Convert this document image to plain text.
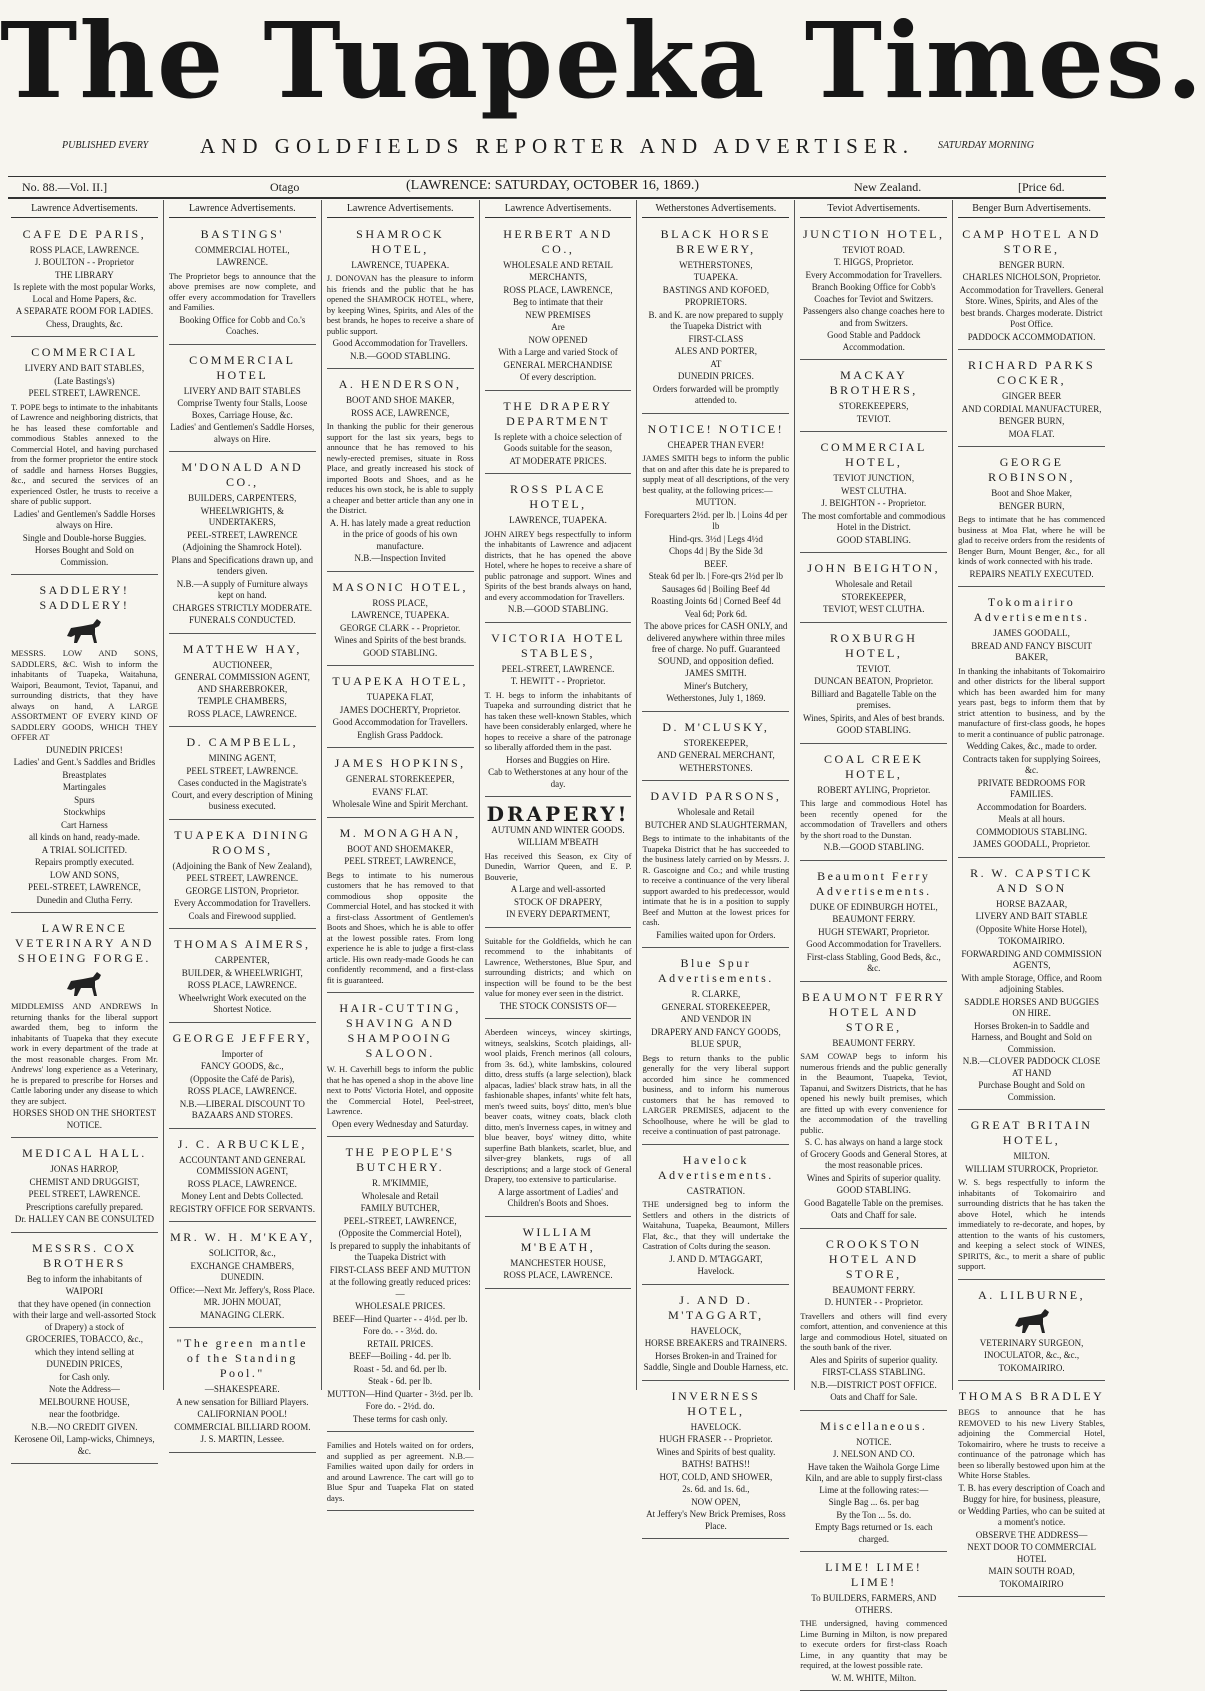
The Tuapeka Times.
PUBLISHED EVERY	AND GOLDFIELDS REPORTER AND ADVERTISER.	SATURDAY MORNING
No. 88.—Vol. II.]	Otago	(LAWRENCE: SATURDAY, OCTOBER 16, 1869.)	New Zealand.	[Price 6d.
Lawrence Advertisements.
CAFE DE PARIS,
ROSS PLACE, LAWRENCE.
J. BOULTON - - Proprietor
THE LIBRARY
Is replete with the most popular Works, Local and Home Papers, &c.
A SEPARATE ROOM FOR LADIES.
Chess, Draughts, &c.
COMMERCIAL
LIVERY AND BAIT STABLES,
(Late Bastings's)
PEEL STREET, LAWRENCE.
T. POPE begs to intimate to the inhabitants of Lawrence and neighboring districts, that he has leased these comfortable and commodious Stables annexed to the Commercial Hotel, and having purchased from the former proprietor the entire stock of saddle and harness Horses Buggies, &c., and secured the services of an experienced Ostler, he trusts to receive a share of public support.
Ladies' and Gentlemen's Saddle Horses always on Hire.
Single and Double-horse Buggies.
Horses Bought and Sold on Commission.
SADDLERY! SADDLERY!
MESSRS. LOW AND SONS, SADDLERS, &C. Wish to inform the inhabitants of Tuapeka, Waitahuna, Waipori, Beaumont, Teviot, Tapanui, and surrounding districts, that they have always on hand, A LARGE ASSORTMENT OF EVERY KIND OF SADDLERY GOODS, WHICH THEY OFFER AT
DUNEDIN PRICES!
Ladies' and Gent.'s Saddles and Bridles
Breastplates
Martingales
Spurs
Stockwhips
Cart Harness
all kinds on hand, ready-made.
A TRIAL SOLICITED.
Repairs promptly executed.
LOW AND SONS,
PEEL-STREET, LAWRENCE,
Dunedin and Clutha Ferry.
LAWRENCE VETERINARY AND SHOEING FORGE.
MIDDLEMISS AND ANDREWS In returning thanks for the liberal support awarded them, beg to inform the inhabitants of Tuapeka that they execute work in every department of the trade at the most reasonable charges. From Mr. Andrews' long experience as a Veterinary, he is prepared to prescribe for Horses and Cattle laboring under any disease to which they are subject.
HORSES SHOD ON THE SHORTEST NOTICE.
MEDICAL HALL.
JONAS HARROP,
CHEMIST AND DRUGGIST,
PEEL STREET, LAWRENCE.
Prescriptions carefully prepared.
Dr. HALLEY CAN BE CONSULTED
MESSRS. COX BROTHERS
Beg to inform the inhabitants of
WAIPORI
that they have opened (in connection with their large and well-assorted Stock of Drapery) a stock of
GROCERIES, TOBACCO, &c.,
which they intend selling at
DUNEDIN PRICES,
for Cash only.
Note the Address—
MELBOURNE HOUSE,
near the footbridge.
N.B.—NO CREDIT GIVEN.
Kerosene Oil, Lamp-wicks, Chimneys, &c.
Lawrence Advertisements.
BASTINGS'
COMMERCIAL HOTEL,
LAWRENCE.
The Proprietor begs to announce that the above premises are now complete, and offer every accommodation for Travellers and Families.
Booking Office for Cobb and Co.'s Coaches.
COMMERCIAL HOTEL
LIVERY AND BAIT STABLES
Comprise Twenty four Stalls, Loose Boxes, Carriage House, &c.
Ladies' and Gentlemen's Saddle Horses, always on Hire.
M'DONALD AND CO.,
BUILDERS, CARPENTERS,
WHEELWRIGHTS, & UNDERTAKERS,
PEEL-STREET, LAWRENCE
(Adjoining the Shamrock Hotel).
Plans and Specifications drawn up, and tenders given.
N.B.—A supply of Furniture always kept on hand.
CHARGES STRICTLY MODERATE.
FUNERALS CONDUCTED.
MATTHEW HAY,
AUCTIONEER,
GENERAL COMMISSION AGENT, AND SHAREBROKER,
TEMPLE CHAMBERS,
ROSS PLACE, LAWRENCE.
D. CAMPBELL,
MINING AGENT,
PEEL STREET, LAWRENCE.
Cases conducted in the Magistrate's Court, and every description of Mining business executed.
TUAPEKA DINING ROOMS,
(Adjoining the Bank of New Zealand),
PEEL STREET, LAWRENCE.
GEORGE LISTON, Proprietor.
Every Accommodation for Travellers.
Coals and Firewood supplied.
THOMAS AIMERS,
CARPENTER,
BUILDER, & WHEELWRIGHT,
ROSS PLACE, LAWRENCE.
Wheelwright Work executed on the Shortest Notice.
GEORGE JEFFERY,
Importer of
FANCY GOODS, &c.,
(Opposite the Café de Paris),
ROSS PLACE, LAWRENCE.
N.B.—LIBERAL DISCOUNT TO BAZAARS AND STORES.
J. C. ARBUCKLE,
ACCOUNTANT AND GENERAL COMMISSION AGENT,
ROSS PLACE, LAWRENCE.
Money Lent and Debts Collected.
REGISTRY OFFICE FOR SERVANTS.
MR. W. H. M'KEAY,
SOLICITOR, &c.,
EXCHANGE CHAMBERS, DUNEDIN.
Office:—Next Mr. Jeffery's, Ross Place.
MR. JOHN MOUAT,
MANAGING CLERK.
"The green mantle of the Standing Pool."
—SHAKESPEARE.
A new sensation for Billiard Players.
CALIFORNIAN POOL!
COMMERCIAL BILLIARD ROOM.
J. S. MARTIN, Lessee.
Lawrence Advertisements.
SHAMROCK HOTEL,
LAWRENCE, TUAPEKA.
J. DONOVAN has the pleasure to inform his friends and the public that he has opened the SHAMROCK HOTEL, where, by keeping Wines, Spirits, and Ales of the best brands, he hopes to receive a share of public support.
Good Accommodation for Travellers.
N.B.—GOOD STABLING.
A. HENDERSON,
BOOT AND SHOE MAKER,
ROSS ACE, LAWRENCE,
In thanking the public for their generous support for the last six years, begs to announce that he has removed to his newly-erected premises, situate in Ross Place, and greatly increased his stock of imported Boots and Shoes, and as he reduces his own stock, he is able to supply a cheaper and better article than any one in the District.
A. H. has lately made a great reduction in the price of goods of his own manufacture.
N.B.—Inspection Invited
MASONIC HOTEL,
ROSS PLACE,
LAWRENCE, TUAPEKA.
GEORGE CLARK - - Proprietor.
Wines and Spirits of the best brands.
GOOD STABLING.
TUAPEKA HOTEL,
TUAPEKA FLAT,
JAMES DOCHERTY, Proprietor.
Good Accommodation for Travellers.
English Grass Paddock.
JAMES HOPKINS,
GENERAL STOREKEEPER,
EVANS' FLAT.
Wholesale Wine and Spirit Merchant.
M. MONAGHAN,
BOOT AND SHOEMAKER,
PEEL STREET, LAWRENCE,
Begs to intimate to his numerous customers that he has removed to that commodious shop opposite the Commercial Hotel, and has stocked it with a first-class Assortment of Gentlemen's Boots and Shoes, which he is able to offer at the lowest possible rates. From long experience he is able to judge a first-class article. His own ready-made Goods he can confidently recommend, and a first-class fit is guaranteed.
HAIR-CUTTING, SHAVING AND SHAMPOOING SALOON.
W. H. Caverhill begs to inform the public that he has opened a shop in the above line next to Potts' Victoria Hotel, and opposite the Commercial Hotel, Peel-street, Lawrence.
Open every Wednesday and Saturday.
THE PEOPLE'S BUTCHERY.
R. M'KIMMIE,
Wholesale and Retail
FAMILY BUTCHER,
PEEL-STREET, LAWRENCE,
(Opposite the Commercial Hotel),
Is prepared to supply the inhabitants of the Tuapeka District with
FIRST-CLASS BEEF AND MUTTON
at the following greatly reduced prices:—
WHOLESALE PRICES.
BEEF—Hind Quarter - - 4½d. per lb.
Fore do. - - 3½d. do.
RETAIL PRICES.
BEEF—Boiling - 4d. per lb.
Roast - 5d. and 6d. per lb.
Steak - 6d. per lb.
MUTTON—Hind Quarter - 3½d. per lb.
Fore do. - 2½d. do.
These terms for cash only.
Families and Hotels waited on for orders, and supplied as per agreement. N.B.—Families waited upon daily for orders in and around Lawrence. The cart will go to Blue Spur and Tuapeka Flat on stated days.
Lawrence Advertisements.
HERBERT AND CO.,
WHOLESALE AND RETAIL
MERCHANTS,
ROSS PLACE, LAWRENCE,
Beg to intimate that their
NEW PREMISES
Are
NOW OPENED
With a Large and varied Stock of
GENERAL MERCHANDISE
Of every description.
THE DRAPERY DEPARTMENT
Is replete with a choice selection of Goods suitable for the season,
AT MODERATE PRICES.
ROSS PLACE HOTEL,
LAWRENCE, TUAPEKA.
JOHN AIREY begs respectfully to inform the inhabitants of Lawrence and adjacent districts, that he has opened the above Hotel, where he hopes to receive a share of public patronage and support. Wines and Spirits of the best brands always on hand, and every accommodation for Travellers.
N.B.—GOOD STABLING.
VICTORIA HOTEL STABLES,
PEEL-STREET, LAWRENCE.
T. HEWITT - - Proprietor.
T. H. begs to inform the inhabitants of Tuapeka and surrounding district that he has taken these well-known Stables, which have been considerably enlarged, where he hopes to receive a share of the patronage so liberally afforded them in the past.
Horses and Buggies on Hire.
Cab to Wetherstones at any hour of the day.
DRAPERY!
AUTUMN AND WINTER GOODS.
WILLIAM M'BEATH
Has received this Season, ex City of Dunedin, Warrior Queen, and E. P. Bouverie,
A Large and well-assorted
STOCK OF DRAPERY,
IN EVERY DEPARTMENT,
Suitable for the Goldfields, which he can recommend to the inhabitants of Lawrence, Wetherstones, Blue Spur, and surrounding districts; and which on inspection will be found to be the best value for money ever seen in the district.
THE STOCK CONSISTS OF—
Aberdeen winceys, wincey skirtings, witneys, sealskins, Scotch plaidings, all-wool plaids, French merinos (all colours, from 3s. 6d.), white lambskins, coloured ditto, dress stuffs (a large selection), black alpacas, ladies' black straw hats, in all the fashionable shapes, infants' white felt hats, men's tweed suits, boys' ditto, men's blue beaver coats, witney coats, black cloth ditto, men's Inverness capes, in witney and blue beaver, boys' witney ditto, white superfine Bath blankets, scarlet, blue, and silver-grey blankets, rugs of all descriptions; and a large stock of General Drapery, too extensive to particularise.
A large assortment of Ladies' and Children's Boots and Shoes.
WILLIAM M'BEATH,
MANCHESTER HOUSE,
ROSS PLACE, LAWRENCE.
Wetherstones Advertisements.
BLACK HORSE BREWERY,
WETHERSTONES,
TUAPEKA.
BASTINGS AND KOFOED,
PROPRIETORS.
B. and K. are now prepared to supply the Tuapeka District with
FIRST-CLASS
ALES AND PORTER,
AT
DUNEDIN PRICES.
Orders forwarded will be promptly attended to.
NOTICE! NOTICE!
CHEAPER THAN EVER!
JAMES SMITH begs to inform the public that on and after this date he is prepared to supply meat of all descriptions, of the very best quality, at the following prices:—
MUTTON.
Forequarters 2½d. per lb. | Loins 4d per lb
Hind-qrs. 3½d | Legs 4½d
Chops 4d | By the Side 3d
BEEF.
Steak 6d per lb. | Fore-qrs 2½d per lb
Sausages 6d | Boiling Beef 4d
Roasting Joints 6d | Corned Beef 4d
Veal 6d; Pork 6d.
The above prices for CASH ONLY, and delivered anywhere within three miles free of charge. No puff. Guaranteed SOUND, and opposition defied.
JAMES SMITH.
Miner's Butchery,
Wetherstones, July 1, 1869.
D. M'CLUSKY,
STOREKEEPER,
AND GENERAL MERCHANT,
WETHERSTONES.
DAVID PARSONS,
Wholesale and Retail
BUTCHER AND SLAUGHTERMAN,
Begs to intimate to the inhabitants of the Tuapeka District that he has succeeded to the business lately carried on by Messrs. J. R. Gascoigne and Co.; and while trusting to receive a continuance of the very liberal support awarded to his predecessor, would intimate that he is in a position to supply Beef and Mutton at the lowest prices for cash.
Families waited upon for Orders.
Blue Spur Advertisements.
R. CLARKE,
GENERAL STOREKEEPER,
AND VENDOR IN
DRAPERY AND FANCY GOODS,
BLUE SPUR,
Begs to return thanks to the public generally for the very liberal support accorded him since he commenced business, and to inform his numerous customers that he has removed to LARGER PREMISES, adjacent to the Schoolhouse, where he will be glad to receive a continuation of past patronage.
Havelock Advertisements.
CASTRATION.
THE undersigned beg to inform the Settlers and others in the districts of Waitahuna, Tuapeka, Beaumont, Millers Flat, &c., that they will undertake the Castration of Colts during the season.
J. AND D. M'TAGGART,
Havelock.
J. AND D. M'TAGGART,
HAVELOCK,
HORSE BREAKERS and TRAINERS.
Horses Broken-in and Trained for Saddle, Single and Double Harness, etc.
INVERNESS HOTEL,
HAVELOCK.
HUGH FRASER - - Proprietor.
Wines and Spirits of best quality.
BATHS! BATHS!!
HOT, COLD, AND SHOWER,
2s. 6d. and 1s. 6d.,
NOW OPEN,
At Jeffery's New Brick Premises, Ross Place.
Teviot Advertisements.
JUNCTION HOTEL,
TEVIOT ROAD.
T. HIGGS, Proprietor.
Every Accommodation for Travellers.
Branch Booking Office for Cobb's Coaches for Teviot and Switzers.
Passengers also change coaches here to and from Switzers.
Good Stable and Paddock Accommodation.
MACKAY BROTHERS,
STOREKEEPERS,
TEVIOT.
COMMERCIAL HOTEL,
TEVIOT JUNCTION,
WEST CLUTHA.
J. BEIGHTON - - Proprietor.
The most comfortable and commodious Hotel in the District.
GOOD STABLING.
JOHN BEIGHTON,
Wholesale and Retail
STOREKEEPER,
TEVIOT, WEST CLUTHA.
ROXBURGH HOTEL,
TEVIOT.
DUNCAN BEATON, Proprietor.
Billiard and Bagatelle Table on the premises.
Wines, Spirits, and Ales of best brands.
GOOD STABLING.
COAL CREEK HOTEL,
ROBERT AYLING, Proprietor.
This large and commodious Hotel has been recently opened for the accommodation of Travellers and others by the short road to the Dunstan.
N.B.—GOOD STABLING.
Beaumont Ferry Advertisements.
DUKE OF EDINBURGH HOTEL,
BEAUMONT FERRY.
HUGH STEWART, Proprietor.
Good Accommodation for Travellers.
First-class Stabling, Good Beds, &c., &c.
BEAUMONT FERRY HOTEL AND STORE,
BEAUMONT FERRY.
SAM COWAP begs to inform his numerous friends and the public generally in the Beaumont, Tuapeka, Teviot, Tapanui, and Switzers Districts, that he has opened his newly built premises, which are fitted up with every convenience for the accommodation of the travelling public.
S. C. has always on hand a large stock of Grocery Goods and General Stores, at the most reasonable prices.
Wines and Spirits of superior quality.
GOOD STABLING.
Good Bagatelle Table on the premises.
Oats and Chaff for sale.
CROOKSTON HOTEL AND STORE,
BEAUMONT FERRY.
D. HUNTER - - Proprietor.
Travellers and others will find every comfort, attention, and convenience at this large and commodious Hotel, situated on the south bank of the river.
Ales and Spirits of superior quality.
FIRST-CLASS STABLING.
N.B.—DISTRICT POST OFFICE.
Oats and Chaff for Sale.
Miscellaneous.
NOTICE.
J. NELSON AND CO.
Have taken the Waihola Gorge Lime Kiln, and are able to supply first-class Lime at the following rates:—
Single Bag ... 6s. per bag
By the Ton ... 5s. do.
Empty Bags returned or 1s. each charged.
LIME! LIME! LIME!
To BUILDERS, FARMERS, AND OTHERS.
THE undersigned, having commenced Lime Burning in Milton, is now prepared to execute orders for first-class Roach Lime, in any quantity that may be required, at the lowest possible rate.
W. M. WHITE, Milton.
Benger Burn Advertisements.
CAMP HOTEL AND STORE,
BENGER BURN.
CHARLES NICHOLSON, Proprietor.
Accommodation for Travellers. General Store. Wines, Spirits, and Ales of the best brands. Charges moderate. District Post Office.
PADDOCK ACCOMMODATION.
RICHARD PARKS COCKER,
GINGER BEER
AND CORDIAL MANUFACTURER,
BENGER BURN,
MOA FLAT.
GEORGE ROBINSON,
Boot and Shoe Maker,
BENGER BURN,
Begs to intimate that he has commenced business at Moa Flat, where he will be glad to receive orders from the residents of Benger Burn, Mount Benger, &c., for all kinds of work connected with his trade.
REPAIRS NEATLY EXECUTED.
Tokomairiro Advertisements.
JAMES GOODALL,
BREAD AND FANCY BISCUIT BAKER,
In thanking the inhabitants of Tokomairiro and other districts for the liberal support which has been awarded him for many years past, begs to inform them that by strict attention to business, and by the manufacture of first-class goods, he hopes to merit a continuance of public patronage.
Wedding Cakes, &c., made to order.
Contracts taken for supplying Soirees, &c.
PRIVATE BEDROOMS FOR FAMILIES.
Accommodation for Boarders.
Meals at all hours.
COMMODIOUS STABLING.
JAMES GOODALL, Proprietor.
R. W. CAPSTICK AND SON
HORSE BAZAAR,
LIVERY AND BAIT STABLE
(Opposite White Horse Hotel),
TOKOMAIRIRO.
FORWARDING AND COMMISSION AGENTS,
With ample Storage, Office, and Room adjoining Stables.
SADDLE HORSES AND BUGGIES ON HIRE.
Horses Broken-in to Saddle and Harness, and Bought and Sold on Commission.
N.B.—CLOVER PADDOCK CLOSE AT HAND
Purchase Bought and Sold on Commission.
GREAT BRITAIN HOTEL,
MILTON.
WILLIAM STURROCK, Proprietor.
W. S. begs respectfully to inform the inhabitants of Tokomairiro and surrounding districts that he has taken the above Hotel, which he intends immediately to re-decorate, and hopes, by attention to the wants of his customers, and keeping a select stock of WINES, SPIRITS, &c., to merit a share of public support.
A. LILBURNE,
VETERINARY SURGEON,
INOCULATOR, &c., &c.,
TOKOMAIRIRO.
THOMAS BRADLEY
BEGS to announce that he has REMOVED to his new Livery Stables, adjoining the Commercial Hotel, Tokomairiro, where he trusts to receive a continuance of the patronage which has been so liberally bestowed upon him at the White Horse Stables.
T. B. has every description of Coach and Buggy for hire, for business, pleasure, or Wedding Parties, who can be suited at a moment's notice.
OBSERVE THE ADDRESS—
NEXT DOOR TO COMMERCIAL HOTEL
MAIN SOUTH ROAD,
TOKOMAIRIRO
